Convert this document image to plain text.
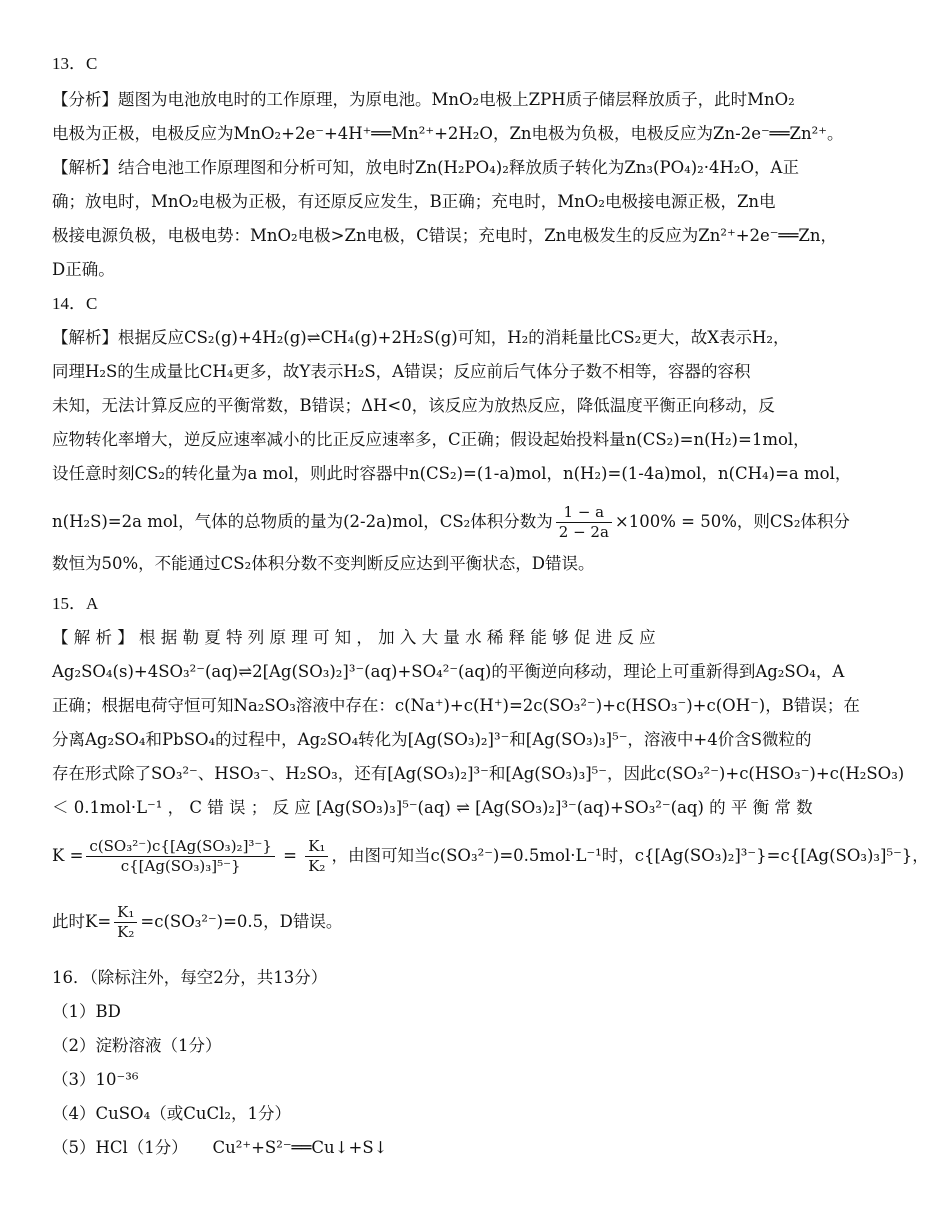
13．C
【分析】题图为电池放电时的工作原理，为原电池。MnO₂电极上ZPH质子储层释放质子，此时MnO₂
电极为正极，电极反应为MnO₂+2e⁻+4H⁺══Mn²⁺+2H₂O，Zn电极为负极，电极反应为Zn-2e⁻══Zn²⁺。
【解析】结合电池工作原理图和分析可知，放电时Zn(H₂PO₄)₂释放质子转化为Zn₃(PO₄)₂·4H₂O，A正
确；放电时，MnO₂电极为正极，有还原反应发生，B正确；充电时，MnO₂电极接电源正极，Zn电
极接电源负极，电极电势：MnO₂电极>Zn电极，C错误；充电时，Zn电极发生的反应为Zn²⁺+2e⁻══Zn，
D正确。
14．C
【解析】根据反应CS₂(g)+4H₂(g)⇌CH₄(g)+2H₂S(g)可知，H₂的消耗量比CS₂更大，故X表示H₂，
同理H₂S的生成量比CH₄更多，故Y表示H₂S，A错误；反应前后气体分子数不相等，容器的容积
未知，无法计算反应的平衡常数，B错误；ΔH<0，该反应为放热反应，降低温度平衡正向移动，反
应物转化率增大，逆反应速率减小的比正反应速率多，C正确；假设起始投料量n(CS₂)=n(H₂)=1mol，
设任意时刻CS₂的转化量为a mol，则此时容器中n(CS₂)=(1-a)mol，n(H₂)=(1-4a)mol，n(CH₄)=a mol，
n(H₂S)=2a mol，气体的总物质的量为(2-2a)mol，CS₂体积分数为 $\frac{1 - a}{2 - 2a} \times 100\% = 50\%$，则CS₂体积分
数恒为50%，不能通过CS₂体积分数不变判断反应达到平衡状态，D错误。
15．A
【 解 析 】 根 据 勒 夏 特 列 原 理 可 知 ， 加 入 大 量 水 稀 释 能 够 促 进 反 应
Ag₂SO₄(s)+4SO₃²⁻(aq)⇌2[Ag(SO₃)₂]³⁻(aq)+SO₄²⁻(aq)的平衡逆向移动，理论上可重新得到Ag₂SO₄，A
正确；根据电荷守恒可知Na₂SO₃溶液中存在：c(Na⁺)+c(H⁺)=2c(SO₃²⁻)+c(HSO₃⁻)+c(OH⁻)，B错误；在
分离Ag₂SO₄和PbSO₄的过程中，Ag₂SO₄转化为[Ag(SO₃)₂]³⁻和[Ag(SO₃)₃]⁵⁻，溶液中+4价含S微粒的
存在形式除了SO₃²⁻、HSO₃⁻、H₂SO₃，还有[Ag(SO₃)₂]³⁻和[Ag(SO₃)₃]⁵⁻，因此c(SO₃²⁻)+c(HSO₃⁻)+c(H₂SO₃)
＜ 0.1mol·L⁻¹ ， C 错 误 ； 反 应 [Ag(SO₃)₃]⁵⁻(aq) ⇌ [Ag(SO₃)₂]³⁻(aq)+SO₃²⁻(aq) 的 平 衡 常 数
$K = \frac{\text{c(SO₃²⁻)c\{[Ag(SO₃)₂]³⁻\}}}{\text{c\{[Ag(SO₃)₃]⁵⁻\}}} = \frac{\text{K₁}}{\text{K₂}}$ ，由图可知当c(SO₃²⁻)=0.5mol·L⁻¹时，c{[Ag(SO₃)₂]³⁻}=c{[Ag(SO₃)₃]⁵⁻}，
此时$K= \frac{\text{K₁}}{\text{K₂}} =c(SO_3^{2-})=0.5$，D错误。
16．（除标注外，每空2分，共13分）
（1）BD
（2）淀粉溶液（1分）
（3）10⁻³⁶
（4）CuSO₄（或CuCl₂，1分）
（5）HCl（1分）　　Cu²⁺+S²⁻══Cu↓+S↓
